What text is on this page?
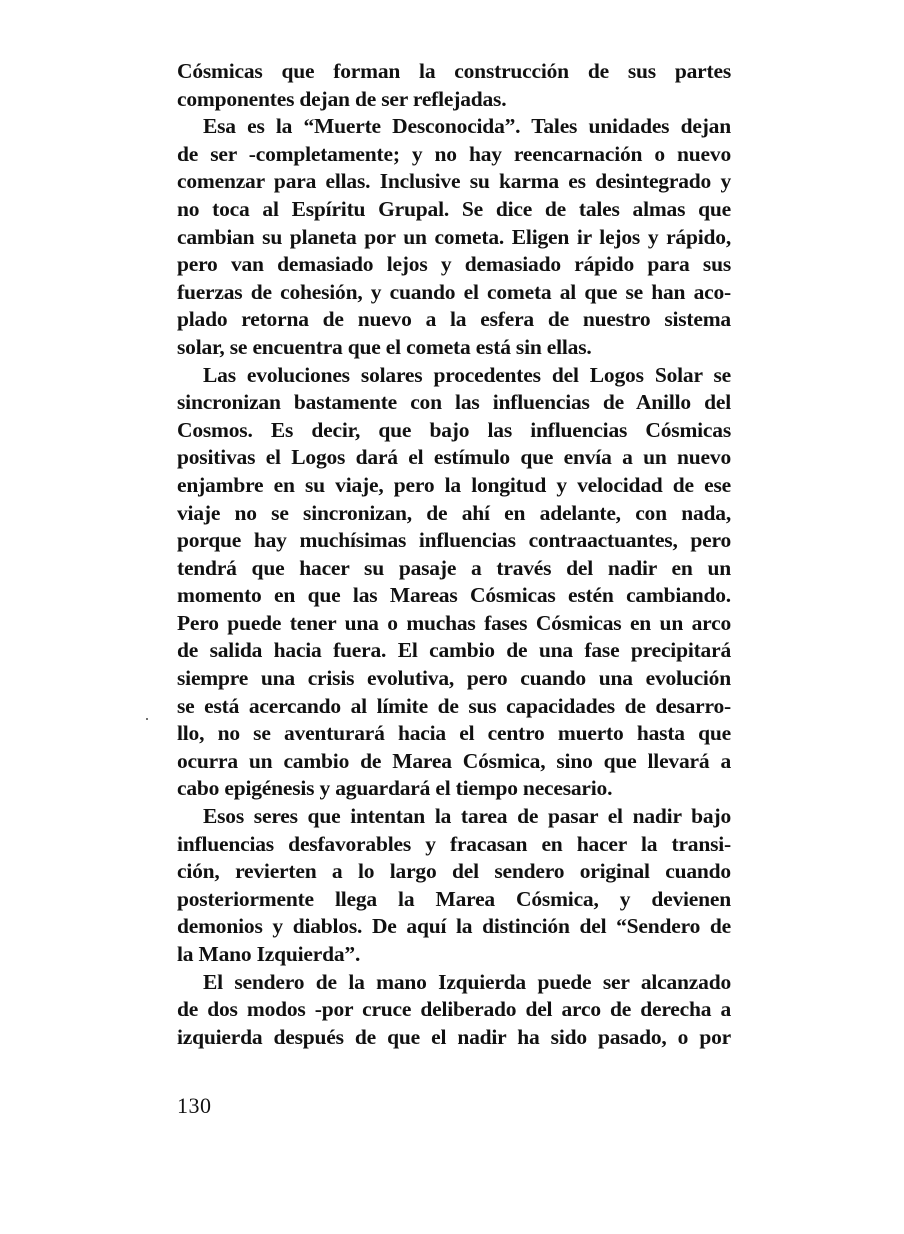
Cósmicas que forman la construcción de sus partes
componentes dejan de ser reflejadas.
Esa es la “Muerte Desconocida”. Tales unidades dejan
de ser -completamente; y no hay reencarnación o nuevo
comenzar para ellas. Inclusive su karma es desintegrado y
no toca al Espíritu Grupal. Se dice de tales almas que
cambian su planeta por un cometa. Eligen ir lejos y rápido,
pero van demasiado lejos y demasiado rápido para sus
fuerzas de cohesión, y cuando el cometa al que se han aco-
plado retorna de nuevo a la esfera de nuestro sistema
solar, se encuentra que el cometa está sin ellas.
Las evoluciones solares procedentes del Logos Solar se
sincronizan bastamente con las influencias de Anillo del
Cosmos. Es decir, que bajo las influencias Cósmicas
positivas el Logos dará el estímulo que envía a un nuevo
enjambre en su viaje, pero la longitud y velocidad de ese
viaje no se sincronizan, de ahí en adelante, con nada,
porque hay muchísimas influencias contraactuantes, pero
tendrá que hacer su pasaje a través del nadir en un
momento en que las Mareas Cósmicas estén cambiando.
Pero puede tener una o muchas fases Cósmicas en un arco
de salida hacia fuera. El cambio de una fase precipitará
siempre una crisis evolutiva, pero cuando una evolución
se está acercando al límite de sus capacidades de desarro-
llo, no se aventurará hacia el centro muerto hasta que
ocurra un cambio de Marea Cósmica, sino que llevará a
cabo epigénesis y aguardará el tiempo necesario.
Esos seres que intentan la tarea de pasar el nadir bajo
influencias desfavorables y fracasan en hacer la transi-
ción, revierten a lo largo del sendero original cuando
posteriormente llega la Marea Cósmica, y devienen
demonios y diablos. De aquí la distinción del “Sendero de
la Mano Izquierda”.
El sendero de la mano Izquierda puede ser alcanzado
de dos modos -por cruce deliberado del arco de derecha a
izquierda después de que el nadir ha sido pasado, o por
130
